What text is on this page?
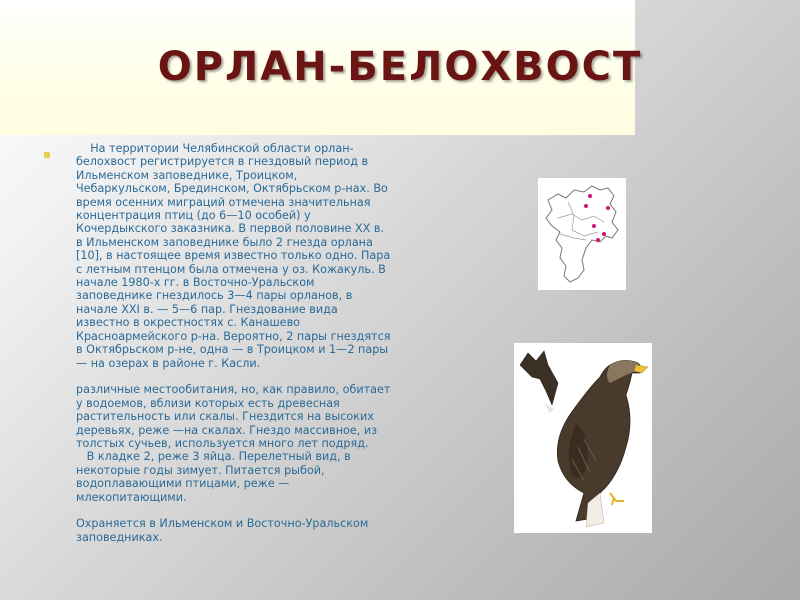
ОРЛАН-БЕЛОХВОСТ
На территории Челябинской области орлан-белохвост регистрируется в гнездовый период в Ильменском заповеднике, Троицком, Чебаркульском, Брединском, Октябрьском р-нах. Во время осенних миграций отмечена значительная концентрация птиц (до 6—10 особей) у Кочердыкского заказника. В первой половине XX в. в Ильменском заповеднике было 2 гнезда орлана [10], в настоящее время известно только одно. Пара с летным птенцом была отмечена у оз. Кожакуль. В начале 1980-х гг. в Восточно-Уральском заповеднике гнездилось 3—4 пары орланов, в начале XXI в. — 5—6 пар. Гнездование вида известно в окрестностях с. Канашево Красноармейского р-на. Вероятно, 2 пары гнездятся в Октябрьском р-не, одна — в Троицком и 1—2 пары — на озерах в районе г. Касли.

различные местообитания, но, как правило, обитает у водоемов, вблизи которых есть древесная растительность или скалы. Гнездится на высоких деревьях, реже —на скалах. Гнездо массивное, из толстых сучьев, используется много лет подряд.
В кладке 2, реже 3 яйца. Перелетный вид, в некоторые годы зимует. Питается рыбой, водоплавающими птицами, реже — млекопитающими.

Охраняется в Ильменском и Восточно-Уральском заповедниках.
